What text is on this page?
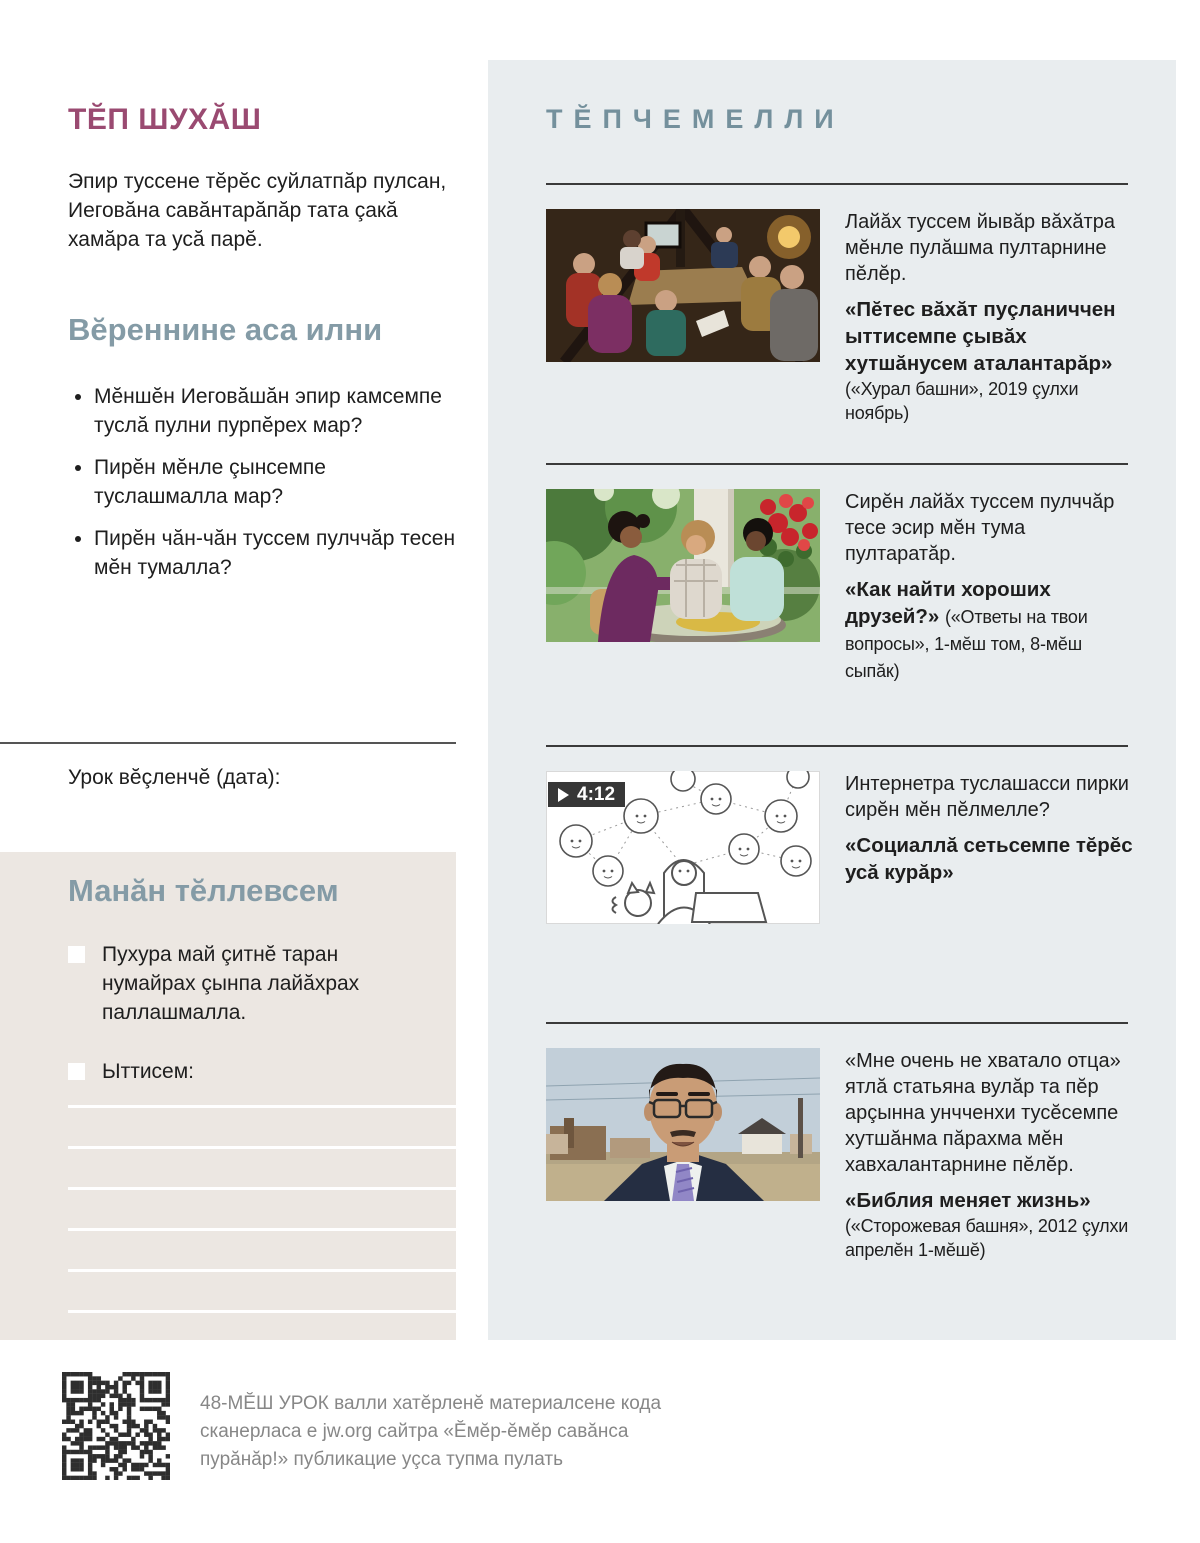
ТĔП ШУХĂШ

Эпир туссене тĕрĕс суйлатпăр пулсан, Иеговăна савăнтарăпăр тата çакă хамăра та усă парĕ.

Вĕреннине аса илни
• Мĕншĕн Иеговăшăн эпир камсемпе туслă пулни пурпĕрех мар?
• Пирĕн мĕнле çынсемпе туслашмалла мар?
• Пирĕн чăн-чăн туссем пулччăр тесен мĕн тумалла?
Урок вĕçленчĕ (дата):
Манăн тĕллевсем
Пухура май çитнĕ таран нумайрах çынпа лайăхрах паллашмалла.
Ыттисем:
ТĔПЧЕМЕЛЛИ

Лайăх туссем йывăр вăхăтра мĕнле пулăшма пултарнине пĕлĕр.

«Пĕтес вăхăт пуçланиччен ыттисемпе çывăх хутшăнусем аталантарăр»

(«Хурал башни», 2019 çулхи ноябрь)

Сирĕн лайăх туссем пулччăр тесе эсир мĕн тума пултаратăр.

«Как найти хороших друзей?» («Ответы на твои вопросы», 1-мĕш том, 8-мĕш сыпăк)

4:12	Интернетра туслашасси пирки сирĕн мĕн пĕлмелле?

«Социаллă сетьсемпе тĕрĕс усă курăр»

«Мне очень не хватало отца» ятлă статьяна вулăр та пĕр арçынна унчченхи тусĕсемпе хутшăнма пăрахма мĕн хавхалантарнине пĕлĕр.

«Библия меняет жизнь»

(«Сторожевая башня», 2012 çулхи апрелĕн 1-мĕшĕ)
48-МĔШ УРОК валли хатĕрленĕ материалсене кода сканерласа е jw.org сайтра «Ĕмĕр-ĕмĕр савăнса пурăнăр!» публикацие уçса тупма пулать
